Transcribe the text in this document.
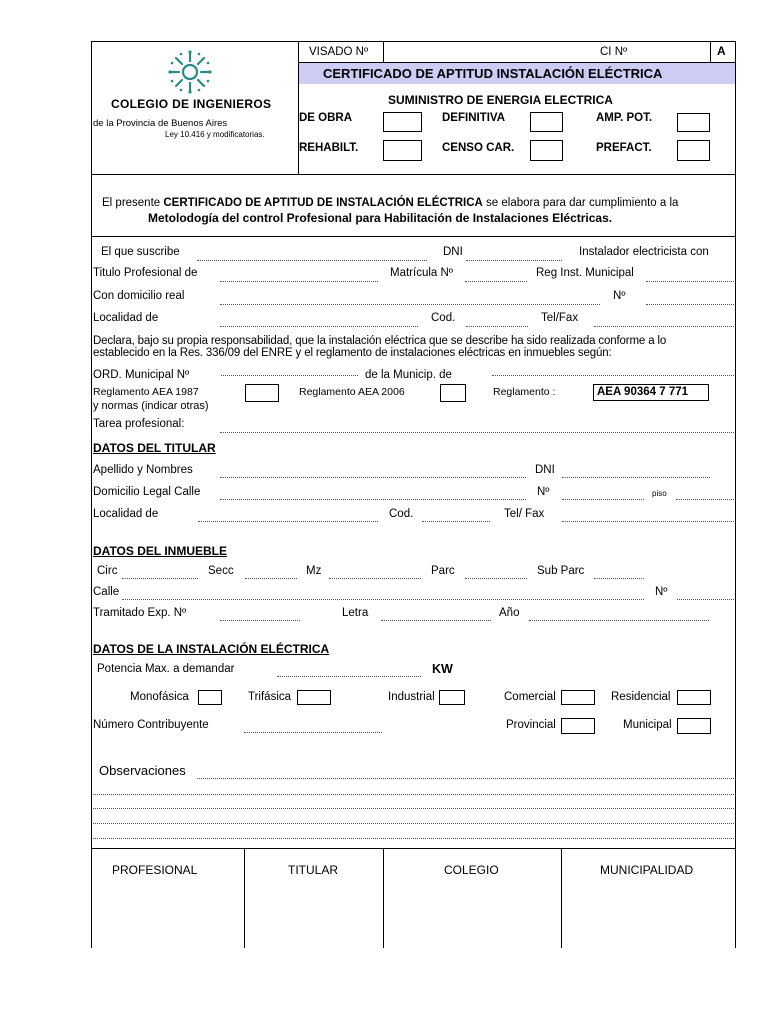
COLEGIO DE INGENIEROS
de la Provincia de Buenos Aires
Ley 10.416 y modificatorias.
VISADO Nº	CI Nº	A
CERTIFICADO DE APTITUD INSTALACIÓN ELÉCTRICA
SUMINISTRO DE ENERGIA ELECTRICA
DE OBRA	DEFINITIVA	AMP. POT.
REHABILT.	CENSO CAR.	PREFACT.
El presente CERTIFICADO DE APTITUD DE INSTALACIÓN ELÉCTRICA se elabora para dar cumplimiento a la
Metolodogía del control Profesional para Habilitación de Instalaciones Eléctricas.
El que suscribe	DNI	Instalador electricista con
Titulo Profesional de	Matrícula Nº	Reg Inst. Municipal
Con domicilio real	Nº
Localidad de	Cod.	Tel/Fax
Declara, bajo su propia responsabilidad, que la instalación eléctrica que se describe ha sido realizada conforme a lo
establecido en la Res. 336/09 del ENRE y el reglamento de instalaciones eléctricas en inmuebles según:
ORD. Municipal Nº	de la Municip. de
Reglamento AEA 1987
y normas (indicar otras)
Reglamento AEA 2006	Reglamento :	AEA 90364 7 771
Tarea profesional:
DATOS DEL TITULAR
Apellido y Nombres	DNI
Domicilio Legal Calle	Nº	piso
Localidad de	Cod.	Tel/ Fax
DATOS DEL INMUEBLE
Circ	Secc	Mz	Parc	Sub Parc
Calle	Nº
Tramitado Exp. Nº	Letra	Año
DATOS DE LA INSTALACIÓN ELÉCTRICA
Potencia Max. a demandar	KW
Monofásica	Trifásica	Industrial	Comercial	Residencial
Número Contribuyente	Provincial	Municipal
Observaciones
PROFESIONAL	TITULAR	COLEGIO	MUNICIPALIDAD
